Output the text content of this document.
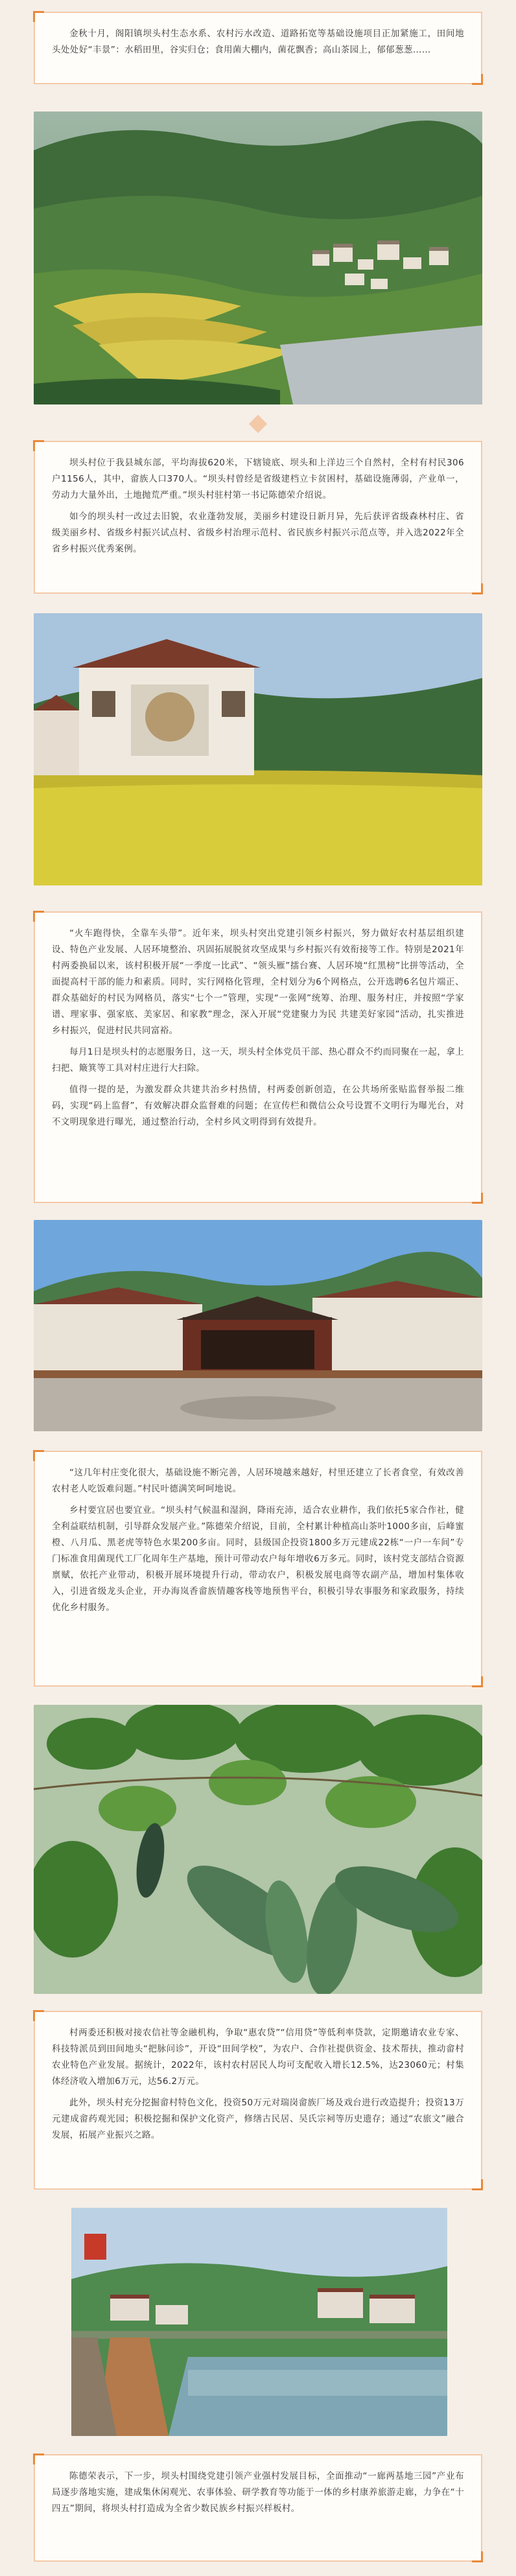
金秋十月，阁阳镇坝头村生态水系、农村污水改造、道路拓宽等基础设施项目正加紧施工，田间地头处处好“丰景”：水稻田里，谷实归仓；食用菌大棚内，菌花飘香；高山茶园上，郁郁葱葱……

坝头村位于我县城东部，平均海拔620米，下辖镜底、坝头和上洋边三个自然村，全村有村民306户1156人，其中，畲族人口370人。“坝头村曾经是省级建档立卡贫困村，基础设施薄弱，产业单一，劳动力大量外出，土地抛荒严重。”坝头村驻村第一书记陈德荣介绍说。

如今的坝头村一改过去旧貌，农业蓬勃发展，美丽乡村建设日新月异，先后获评省级森林村庄、省级美丽乡村、省级乡村振兴试点村、省级乡村治理示范村、省民族乡村振兴示范点等，并入选2022年全省乡村振兴优秀案例。

“火车跑得快，全靠车头带”。近年来，坝头村突出党建引领乡村振兴，努力做好农村基层组织建设、特色产业发展、人居环境整治、巩固拓展脱贫攻坚成果与乡村振兴有效衔接等工作。特别是2021年村两委换届以来，该村积极开展“一季度一比武”、“领头雁”擂台赛、人居环境“红黑榜”比拼等活动，全面提高村干部的能力和素质。同时，实行网格化管理，全村划分为6个网格点，公开选聘6名包片端正、群众基础好的村民为网格员，落实“七个一”管理，实现“一张网”统筹、治理、服务村庄，并按照“学家谱、理家事、强家底、美家居、和家教”理念，深入开展“党建聚力为民 共建美好家园”活动，扎实推进乡村振兴，促进村民共同富裕。

每月1日是坝头村的志愿服务日，这一天，坝头村全体党员干部、热心群众不约而同聚在一起，拿上扫把、簸箕等工具对村庄进行大扫除。

值得一提的是，为激发群众共建共治乡村热情，村两委创新创造，在公共场所张贴监督举报二维码，实现“码上监督”，有效解决群众监督难的问题；在宣传栏和微信公众号设置不文明行为曝光台，对不文明现象进行曝光，通过整治行动，全村乡风文明得到有效提升。

“这几年村庄变化很大，基础设施不断完善，人居环境越来越好，村里还建立了长者食堂，有效改善农村老人吃饭难问题。”村民叶德满笑呵呵地说。

乡村要宜居也要宜业。“坝头村气候温和湿润，降雨充沛，适合农业耕作，我们依托5家合作社，健全利益联结机制，引导群众发展产业。”陈德荣介绍说，目前，全村累计种植高山茶叶1000多亩，后峰蜜橙、八月瓜、黑老虎等特色水果200多亩。同时，县级国企投资1800多万元建成22栋“一户一车间”专门标准食用菌现代工厂化周年生产基地，预计可带动农户每年增收6万多元。同时，该村党支部结合资源禀赋，依托产业带动，积极开展环境提升行动，带动农户，积极发展电商等农副产品，增加村集体收入，引进省级龙头企业，开办海岚香畲族情趣客栈等地预售平台，积极引导农事服务和家政服务，持续优化乡村服务。

村两委还积极对接农信社等金融机构，争取“惠农贷”“信用贷”等低利率贷款，定期邀请农业专家、科技特派员到田间地头“把脉问诊”，开设“田间学校”，为农户、合作社提供资金、技术帮扶，推动畲村农业特色产业发展。据统计，2022年，该村农村居民人均可支配收入增长12.5%，达23060元；村集体经济收入增加6万元，达56.2万元。

此外，坝头村充分挖掘畲村特色文化，投资50万元对瑞岗畲族厂场及戏台进行改造提升；投资13万元建成畲药观光园；积极挖掘和保护文化资产，修缮古民居、吴氏宗祠等历史遗存；通过“农旅文”融合发展，拓展产业振兴之路。

陈德荣表示，下一步，坝头村围绕党建引领产业强村发展目标，全面推动“一廊两基地三园”产业布局逐步落地实施，建成集休闲观光、农事体验、研学教育等功能于一体的乡村康养旅游走廊，力争在“十四五”期间，将坝头村打造成为全省少数民族乡村振兴样板村。
